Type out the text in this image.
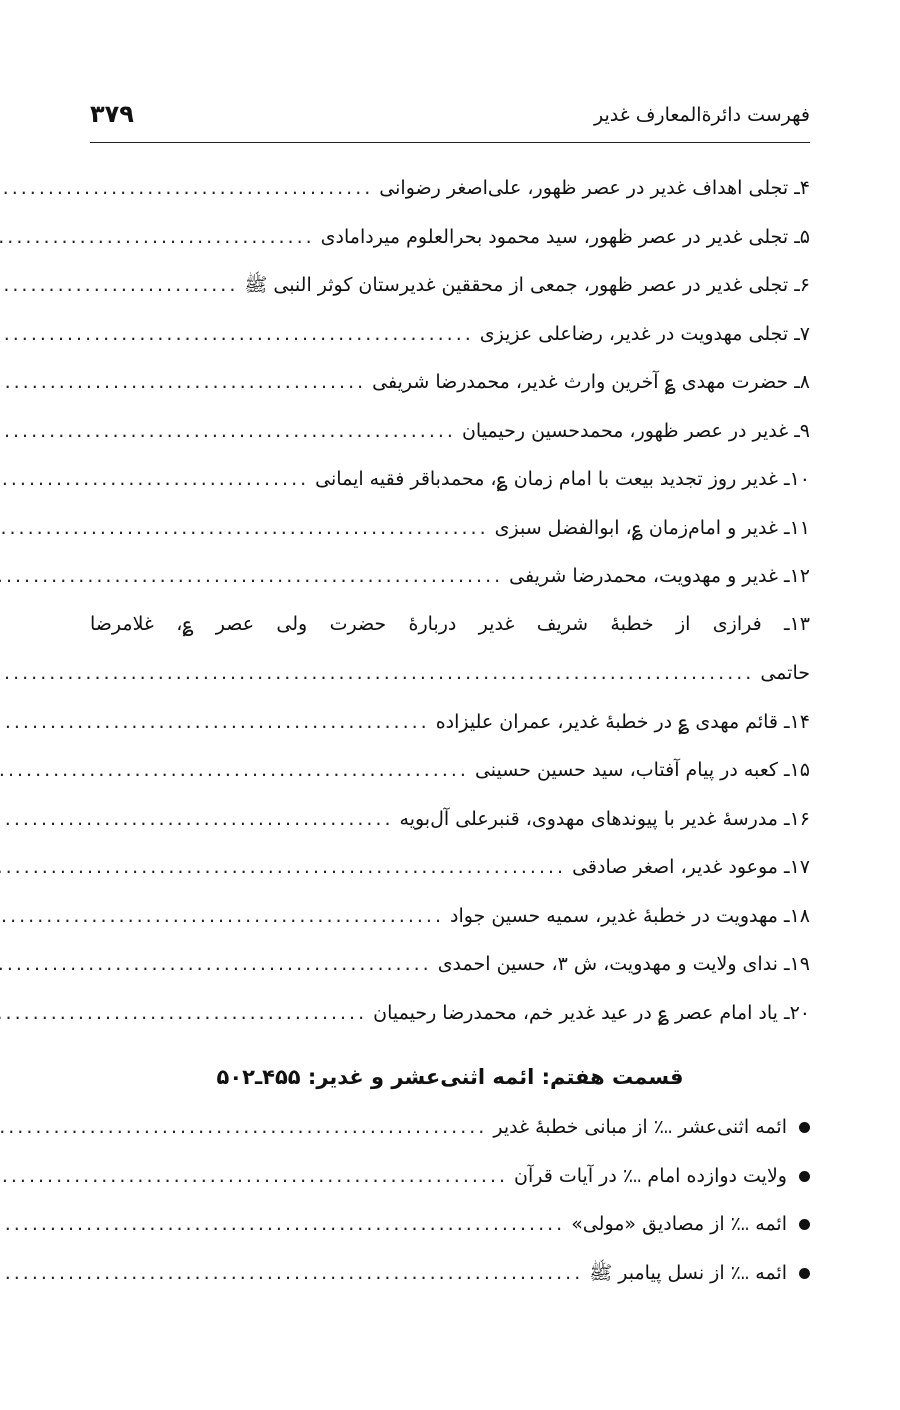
فهرست دائرةالمعارف غدیر
۳۷۹
۴ـ تجلی اهداف غدیر در عصر ظهور، علی‌اصغر رضوانی
.....
۵ـ تجلی غدیر در عصر ظهور، سید محمود بحرالعلوم میردامادی
.....
۶ـ تجلی غدیر در عصر ظهور، جمعی از محققین غدیرستان کوثر النبی ﷺ
.....
۷ـ تجلی مهدویت در غدیر، رضاعلی عزیزی
.....
۸ـ حضرت مهدی ؏ آخرین وارث غدیر، محمدرضا شریفی
.....
۹ـ غدیر در عصر ظهور، محمدحسین رحیمیان
.....
۱۰ـ غدیر روز تجدید بیعت با امام زمان ؏، محمدباقر فقیه ایمانی
.....
۱۱ـ غدیر و امام‌زمان ؏، ابوالفضل سبزی
.....
۱۲ـ غدیر و مهدویت، محمدرضا شریفی
.....
۱۳ـ فرازی از خطبهٔ شریف غدیر دربارهٔ حضرت ولی عصر ؏، غلامرضا
حاتمی
.....
۱۴ـ قائم مهدی ؏ در خطبهٔ غدیر، عمران علیزاده
.....
۱۵ـ کعبه در پیام آفتاب، سید حسین حسینی
.....
۱۶ـ مدرسهٔ غدیر با پیوندهای مهدوی، قنبرعلی آل‌بویه
.....
۱۷ـ موعود غدیر، اصغر صادقی
.....
۱۸ـ مهدویت در خطبهٔ غدیر، سمیه حسین جواد
.....
۱۹ـ ندای ولایت و مهدویت، ش ۳، حسین احمدی
.....
۲۰ـ یاد امام عصر ؏ در عید غدیر خم، محمدرضا رحیمیان
.....
قسمت هفتم: ائمه اثنی‌عشر و غدیر: ۴۵۵ـ۵۰۲
ائمه اثنی‌عشر ؊ از مبانی خطبهٔ غدیر
.....
ولایت دوازده امام ؊ در آیات قرآن
.....
ائمه ؊ از مصادیق «مولی»
.....
ائمه ؊ از نسل پیامبر ﷺ
.....
